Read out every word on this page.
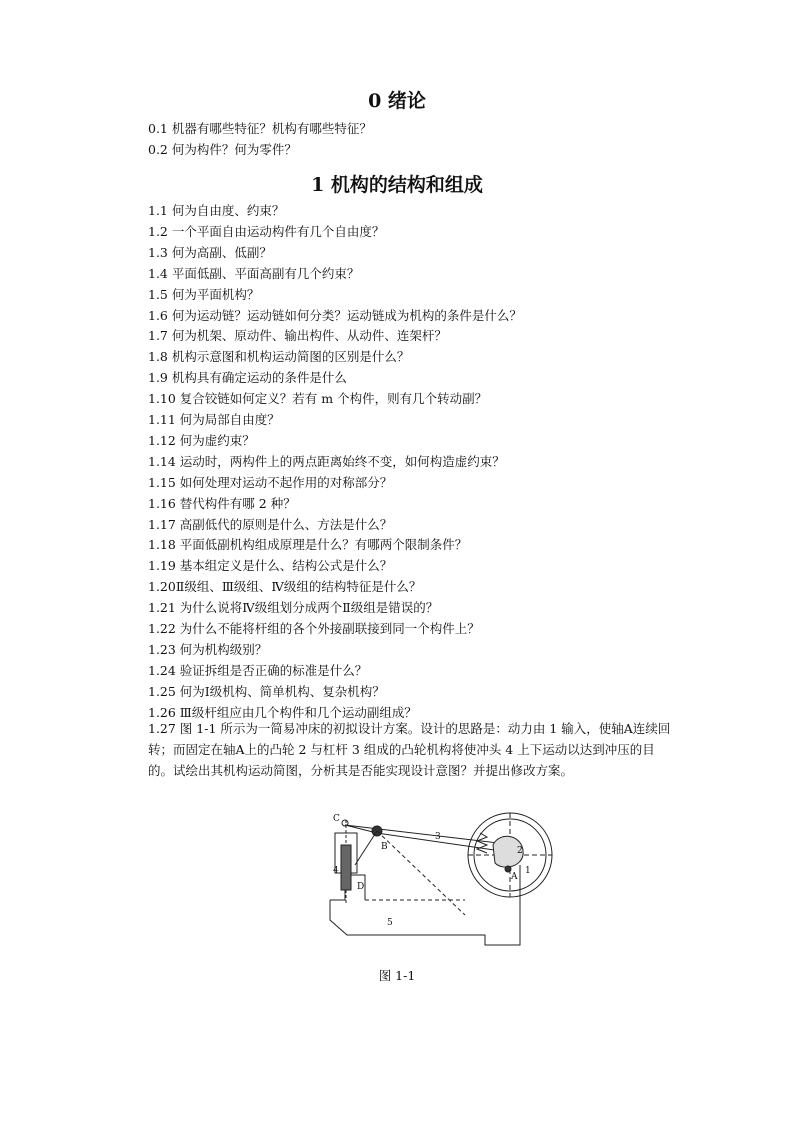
0 绪论
0.1 机器有哪些特征？机构有哪些特征？
0.2 何为构件？何为零件？
1 机构的结构和组成
1.1 何为自由度、约束？
1.2 一个平面自由运动构件有几个自由度？
1.3 何为高副、低副？
1.4 平面低副、平面高副有几个约束？
1.5 何为平面机构？
1.6 何为运动链？运动链如何分类？运动链成为机构的条件是什么？
1.7 何为机架、原动件、输出构件、从动件、连架杆？
1.8 机构示意图和机构运动简图的区别是什么？
1.9 机构具有确定运动的条件是什么
1.10 复合铰链如何定义？若有 m 个构件，则有几个转动副？
1.11 何为局部自由度？
1.12 何为虚约束？
1.14 运动时，两构件上的两点距离始终不变，如何构造虚约束？
1.15 如何处理对运动不起作用的对称部分？
1.16 替代构件有哪 2 种？
1.17 高副低代的原则是什么、方法是什么？
1.18 平面低副机构组成原理是什么？有哪两个限制条件？
1.19 基本组定义是什么、结构公式是什么？
1.20Ⅱ级组、Ⅲ级组、Ⅳ级组的结构特征是什么？
1.21 为什么说将Ⅳ级组划分成两个Ⅱ级组是错误的？
1.22 为什么不能将杆组的各个外接副联接到同一个构件上？
1.23 何为机构级别？
1.24 验证拆组是否正确的标准是什么？
1.25 何为Ⅰ级机构、简单机构、复杂机构？
1.26 Ⅲ级杆组应由几个构件和几个运动副组成？
1.27 图 1-1 所示为一简易冲床的初拟设计方案。设计的思路是：动力由 1 输入，使轴A连续回转；而固定在轴A上的凸轮 2 与杠杆 3 组成的凸轮机构将使冲头 4 上下运动以达到冲压的目的。试绘出其机构运动简图，分析其是否能实现设计意图？并提出修改方案。
C
B
3
2
A
4
D
1
5
图 1-1
